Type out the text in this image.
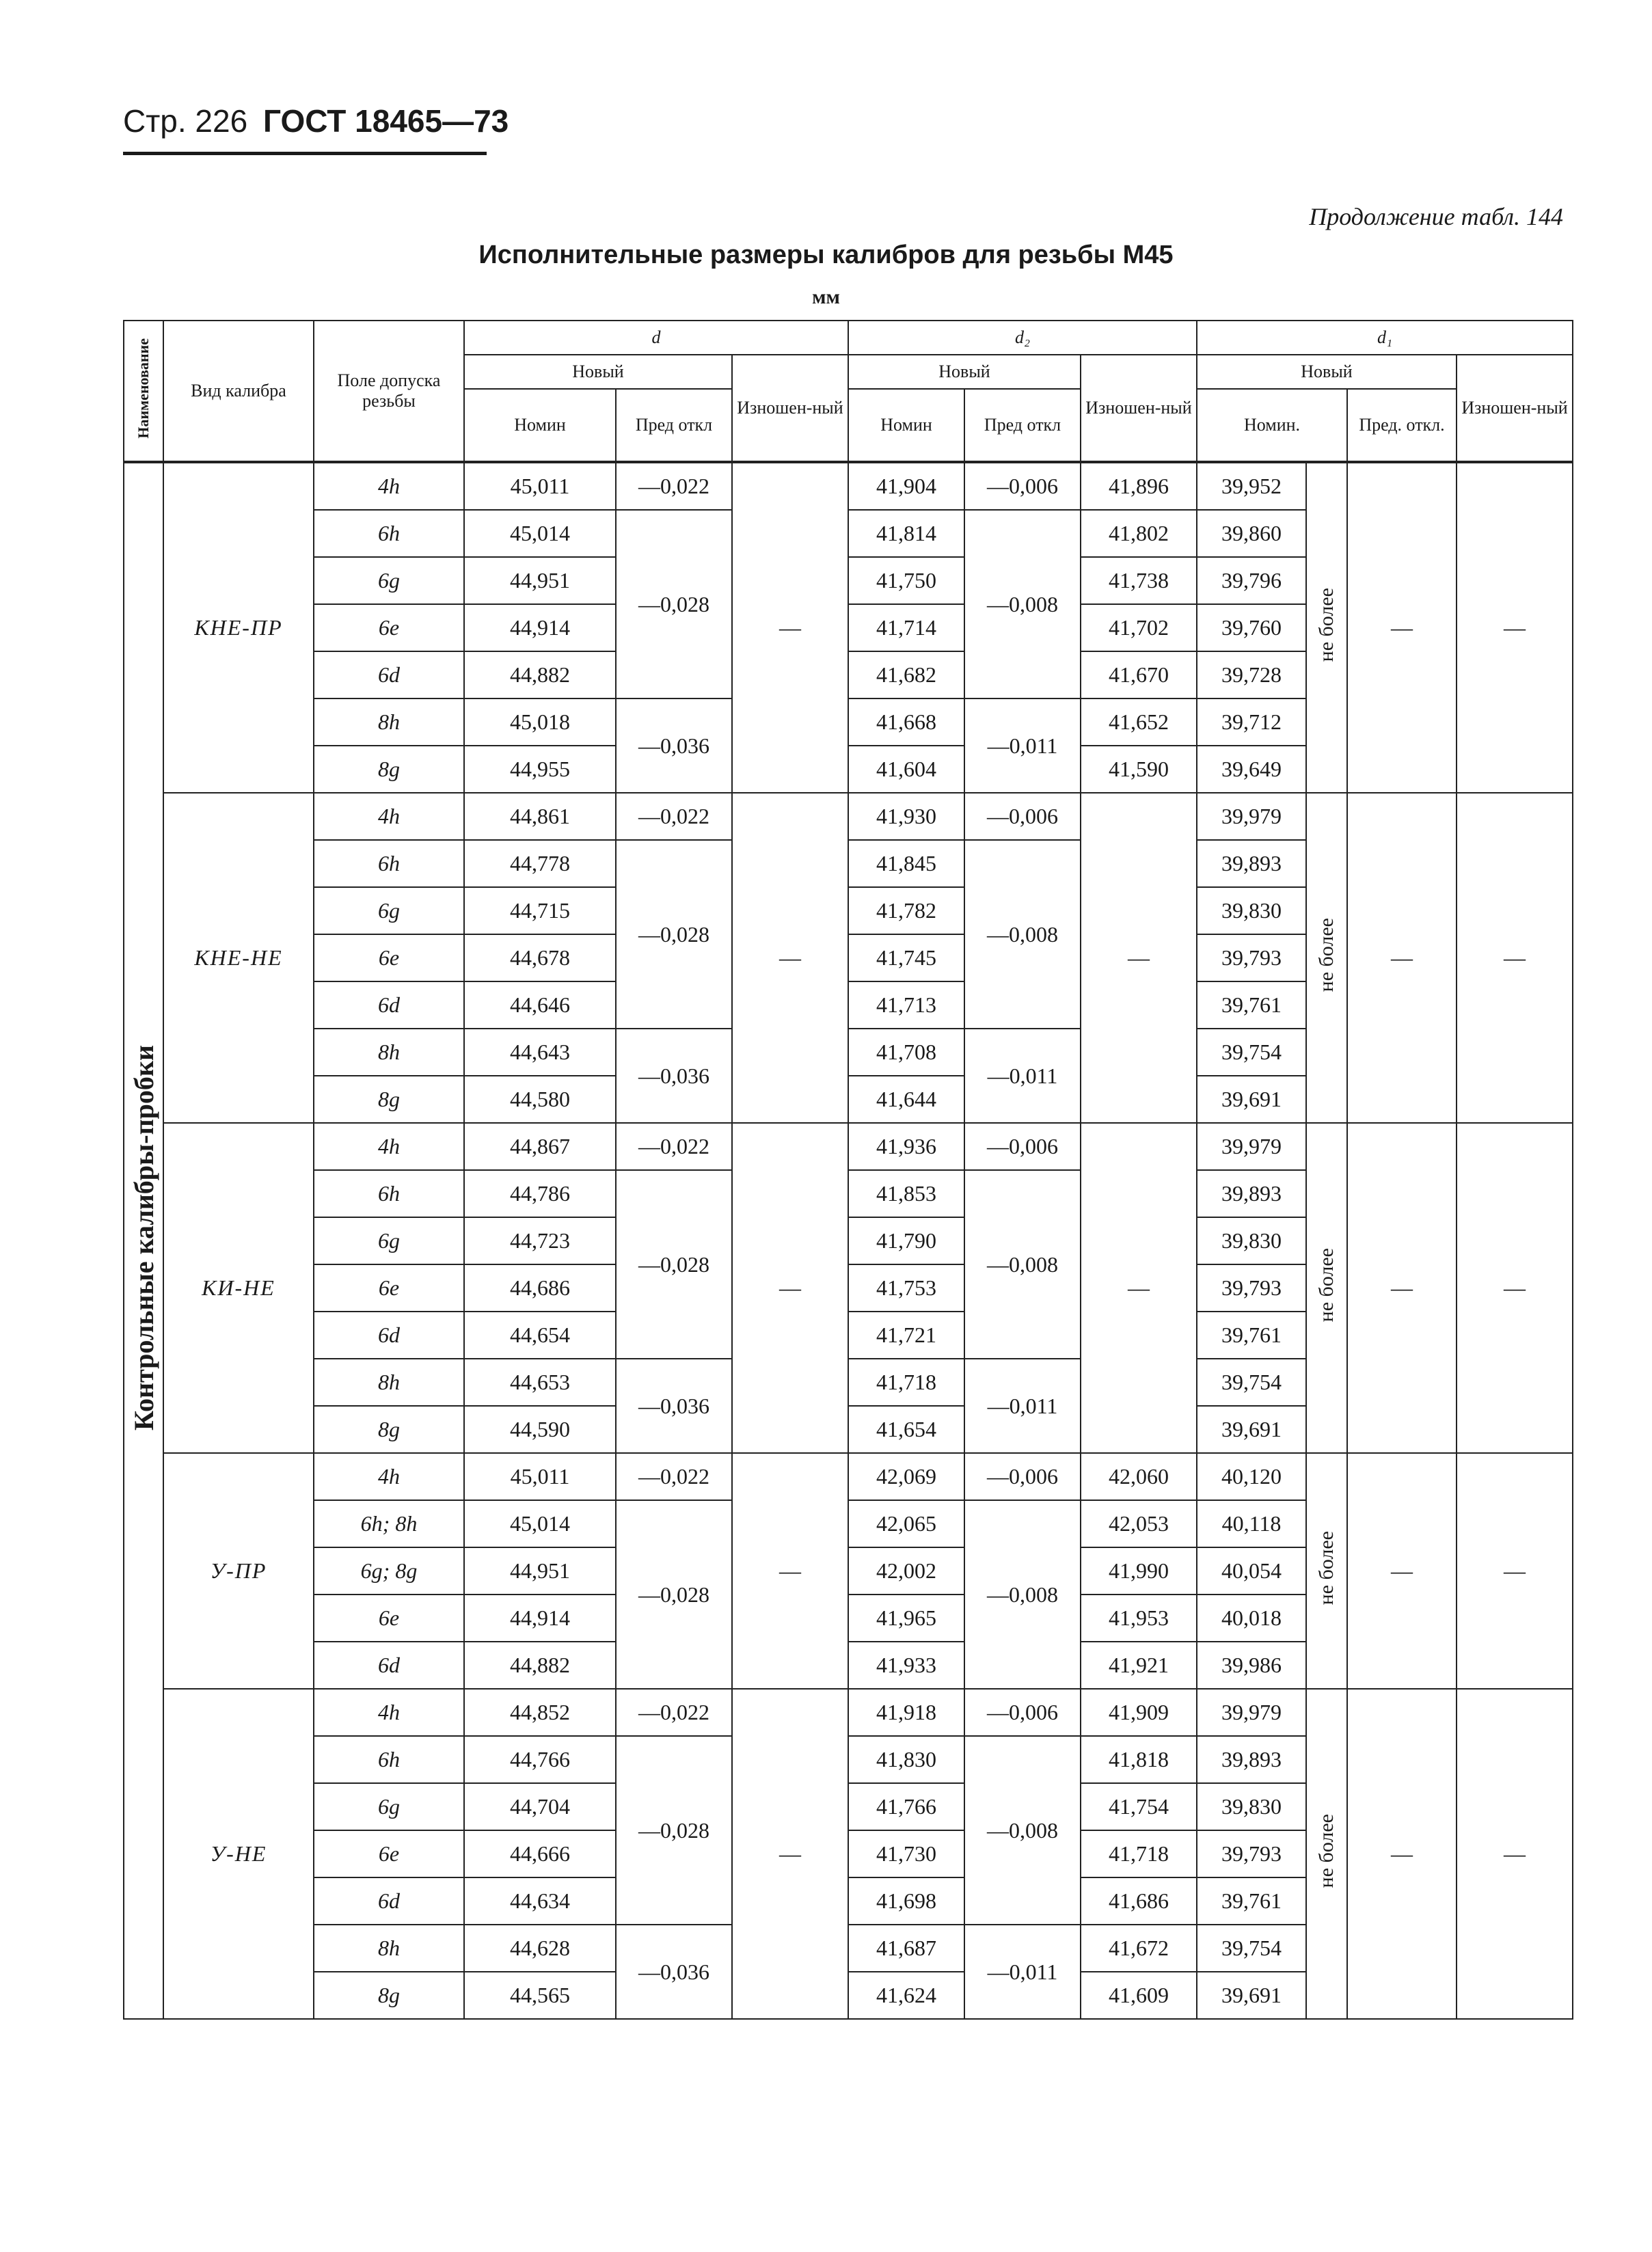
Стр. 226 ГОСТ 18465—73
Продолжение табл. 144
Исполнительные размеры калибров для резьбы М45
мм
Наименование	Вид калибра	Поле допуска резьбы	d			d₂			d₁			
			Новый		Изношен-ный	Новый		Изношен-ный	Новый			Изношен-ный
			Номин	Пред откл		Номин	Пред откл		Номин.		Пред. откл.	
Контрольные калибры-пробки	КНЕ-ПР	4h	45,011	—0,022	—	41,904	—0,006	41,896	39,952	не более	—	—
		6h	45,014	—0,028		41,814	—0,008	41,802	39,860			
		6g	44,951			41,750		41,738	39,796			
		6e	44,914			41,714		41,702	39,760			
		6d	44,882			41,682		41,670	39,728			
		8h	45,018	—0,036		41,668	—0,011	41,652	39,712			
		8g	44,955			41,604		41,590	39,649			
	КНЕ-НЕ	4h	44,861	—0,022	—	41,930	—0,006	—	39,979	не более	—	—
		6h	44,778	—0,028		41,845	—0,008		39,893			
		6g	44,715			41,782			39,830			
		6e	44,678			41,745			39,793			
		6d	44,646			41,713			39,761			
		8h	44,643	—0,036		41,708	—0,011		39,754			
		8g	44,580			41,644			39,691			
	КИ-НЕ	4h	44,867	—0,022	—	41,936	—0,006	—	39,979	не более	—	—
		6h	44,786	—0,028		41,853	—0,008		39,893			
		6g	44,723			41,790			39,830			
		6e	44,686			41,753			39,793			
		6d	44,654			41,721			39,761			
		8h	44,653	—0,036		41,718	—0,011		39,754			
		8g	44,590			41,654			39,691			
	У-ПР	4h	45,011	—0,022	—	42,069	—0,006	42,060	40,120	не более	—	—
		6h; 8h	45,014	—0,028		42,065	—0,008	42,053	40,118			
		6g; 8g	44,951			42,002		41,990	40,054			
		6e	44,914			41,965		41,953	40,018			
		6d	44,882			41,933		41,921	39,986			
	У-НЕ	4h	44,852	—0,022	—	41,918	—0,006	41,909	39,979	не более	—	—
		6h	44,766	—0,028		41,830	—0,008	41,818	39,893			
		6g	44,704			41,766		41,754	39,830			
		6e	44,666			41,730		41,718	39,793			
		6d	44,634			41,698		41,686	39,761			
		8h	44,628	—0,036		41,687	—0,011	41,672	39,754			
		8g	44,565			41,624		41,609	39,691			
